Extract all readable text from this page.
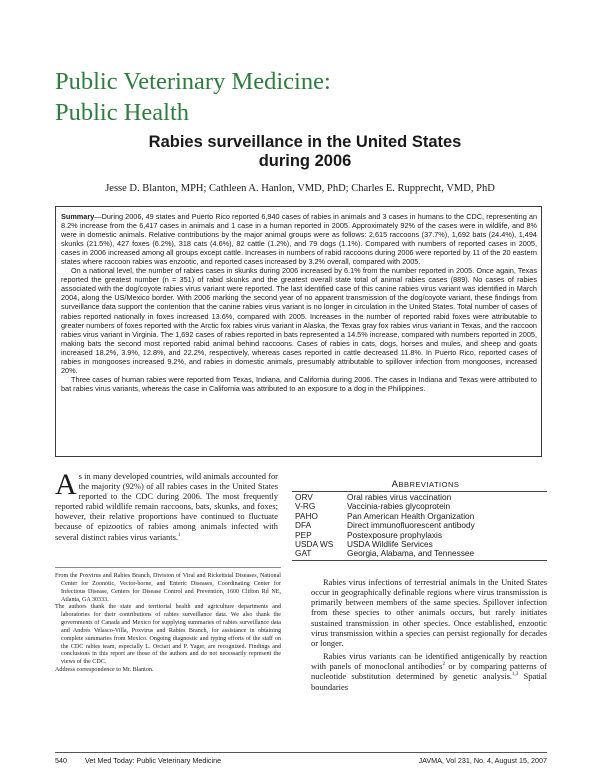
Public Veterinary Medicine:
Public Health
Rabies surveillance in the United States
during 2006
Jesse D. Blanton, MPH; Cathleen A. Hanlon, VMD, PhD; Charles E. Rupprecht, VMD, PhD

Summary—During 2006, 49 states and Puerto Rico reported 6,940 cases of rabies in animals and 3 cases in humans to the CDC, representing an 8.2% increase from the 6,417 cases in animals and 1 case in a human reported in 2005. Approximately 92% of the cases were in wildlife, and 8% were in domestic animals. Relative contributions by the major animal groups were as follows: 2,615 raccoons (37.7%), 1,692 bats (24.4%), 1,494 skunks (21.5%), 427 foxes (6.2%), 318 cats (4.6%), 82 cattle (1.2%), and 79 dogs (1.1%). Compared with numbers of reported cases in 2005, cases in 2006 increased among all groups except cattle. Increases in numbers of rabid raccoons during 2006 were reported by 11 of the 20 eastern states where raccoon rabies was enzootic, and reported cases increased by 3.2% overall, compared with 2005.

On a national level, the number of rabies cases in skunks during 2006 increased by 6.1% from the number reported in 2005. Once again, Texas reported the greatest number (n = 351) of rabid skunks and the greatest overall state total of animal rabies cases (889). No cases of rabies associated with the dog/coyote rabies virus variant were reported. The last identified case of this canine rabies virus variant was identified in March 2004, along the US/Mexico border. With 2006 marking the second year of no apparent transmission of the dog/coyote variant, these findings from surveillance data support the contention that the canine rabies virus variant is no longer in circulation in the United States. Total number of cases of rabies reported nationally in foxes increased 13.6%, compared with 2005. Increases in the number of reported rabid foxes were attributable to greater numbers of foxes reported with the Arctic fox rabies virus variant in Alaska, the Texas gray fox rabies virus variant in Texas, and the raccoon rabies virus variant in Virginia. The 1,692 cases of rabies reported in bats represented a 14.5% increase, compared with numbers reported in 2005, making bats the second most reported rabid animal behind raccoons. Cases of rabies in cats, dogs, horses and mules, and sheep and goats increased 18.2%, 3.9%, 12.8%, and 22.2%, respectively, whereas cases reported in cattle decreased 11.8%. In Puerto Rico, reported cases of rabies in mongooses increased 9.2%, and rabies in domestic animals, presumably attributable to spillover infection from mongooses, increased 20%.

Three cases of human rabies were reported from Texas, Indiana, and California during 2006. The cases in Indiana and Texas were attributed to bat rabies virus variants, whereas the case in California was attributed to an exposure to a dog in the Philippines.

As in many developed countries, wild animals accounted for the majority (92%) of all rabies cases in the United States reported to the CDC during 2006. The most frequently reported rabid wildlife remain raccoons, bats, skunks, and foxes; however, their relative proportions have continued to fluctuate because of epizootics of rabies among animals infected with several distinct rabies virus variants.$^1$

From the Poxvirus and Rabies Branch, Division of Viral and Rickettsial Diseases, National Center for Zoonotic, Vector-borne, and Enteric Diseases, Coordinating Center for Infectious Disease, Centers for Disease Control and Prevention, 1600 Clifton Rd NE, Atlanta, GA 30333.

The authors thank the state and territorial health and agriculture departments and laboratories for their contributions of rabies surveillance data. We also thank the governments of Canada and Mexico for supplying summaries of rabies surveillance data and Andrés Velasco-Villa, Poxvirus and Rabies Branch, for assistance in obtaining complete summaries from Mexico. Ongoing diagnostic and typing efforts of the staff on the CDC rabies team, especially L. Orciari and P. Yager, are recognized. Findings and conclusions in this report are those of the authors and do not necessarily represent the views of the CDC.

Address correspondence to Mr. Blanton.

ABBREVIATIONS
ORV	Oral rabies virus vaccination
V-RG	Vaccinia-rabies glycoprotein
PAHO	Pan American Health Organization
DFA	Direct immunofluorescent antibody
PEP	Postexposure prophylaxis
USDA WS	USDA Wildlife Services
GAT	Georgia, Alabama, and Tennessee

Rabies virus infections of terrestrial animals in the United States occur in geographically definable regions where virus transmission is primarily between members of the same species. Spillover infection from these species to other animals occurs, but rarely initiates sustained transmission in other species. Once established, enzootic virus transmission within a species can persist regionally for decades or longer.

Rabies virus variants can be identified antigenically by reaction with panels of monoclonal antibodies$^2$ or by comparing patterns of nucleotide substitution determined by genetic analysis.$^{1,3}$ Spatial boundaries

540	Vet Med Today: Public Veterinary Medicine	JAVMA, Vol 231, No. 4, August 15, 2007
